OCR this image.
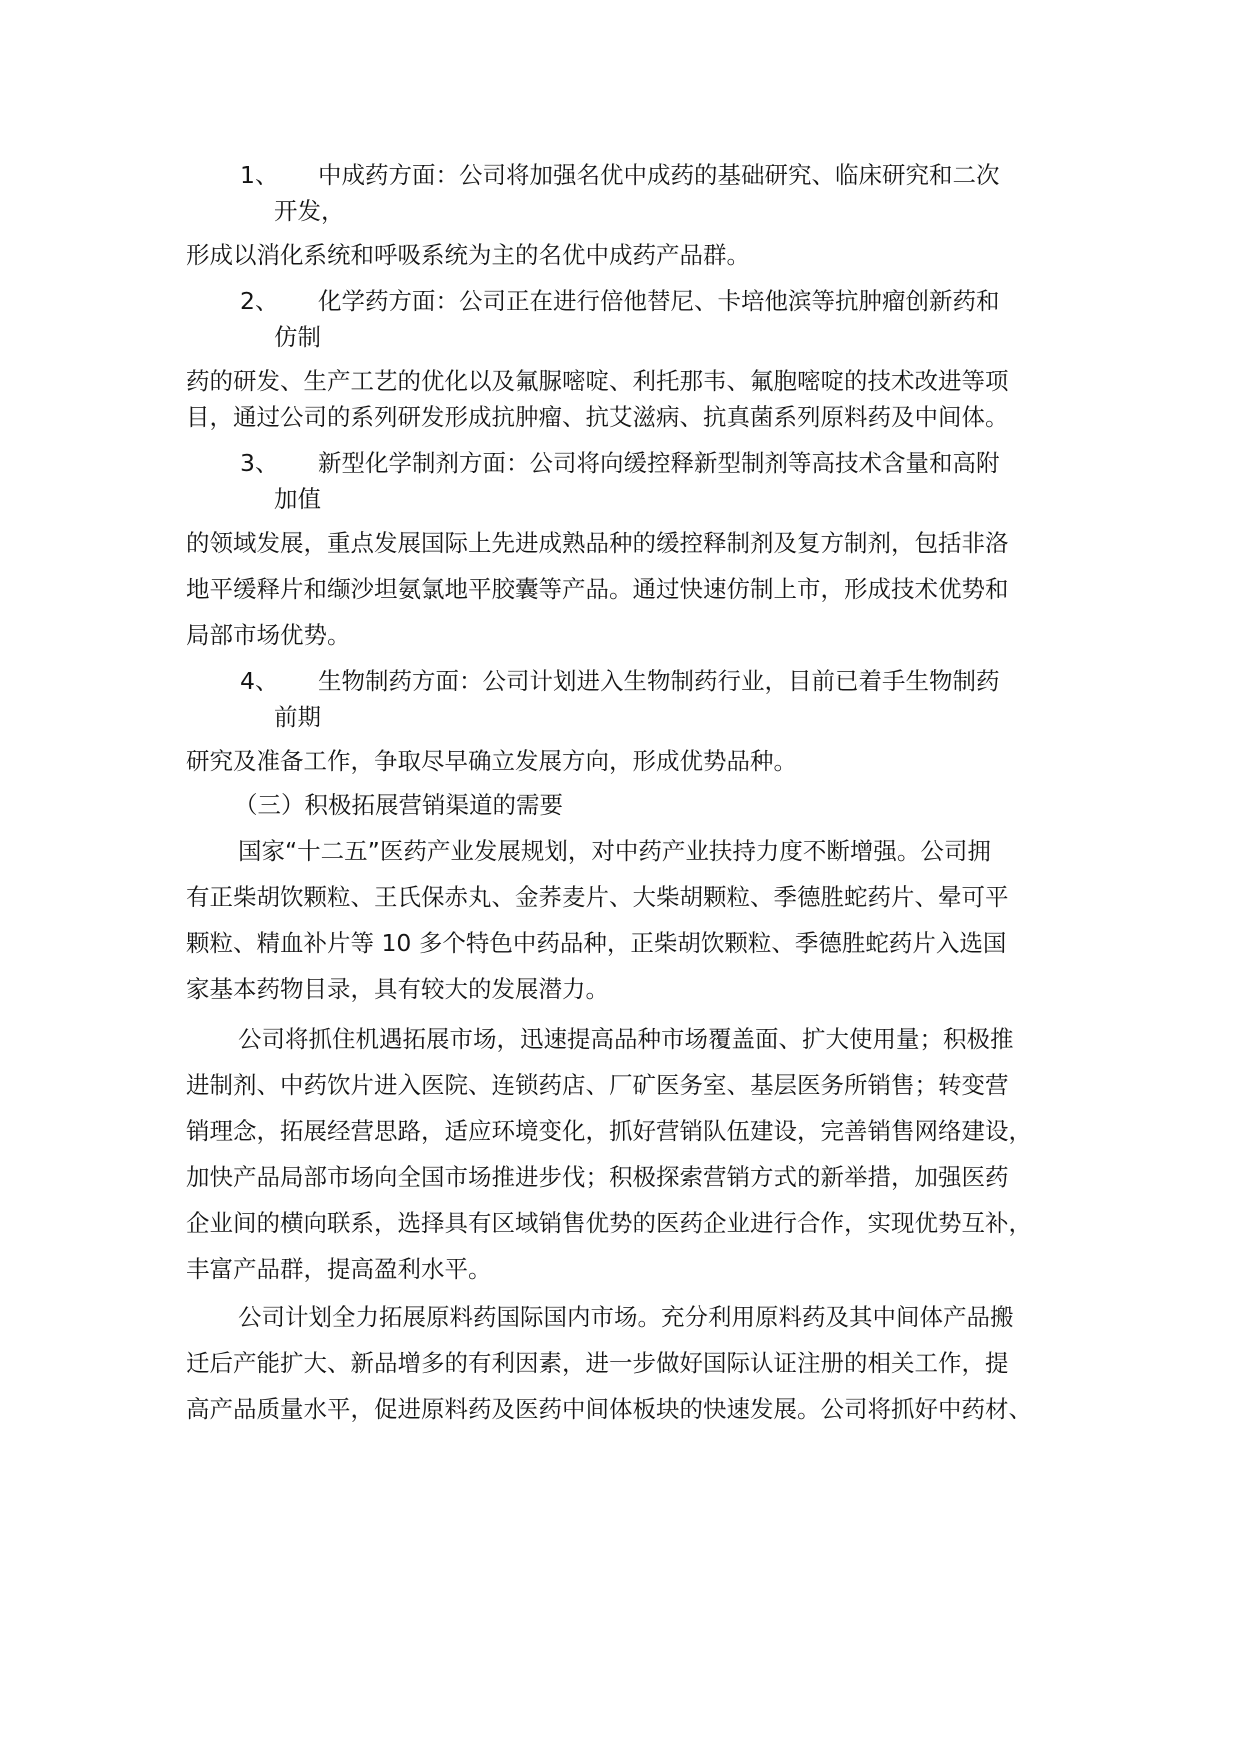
1、 中成药方面：公司将加强名优中成药的基础研究、临床研究和二次
开发，
形成以消化系统和呼吸系统为主的名优中成药产品群。
2、 化学药方面：公司正在进行倍他替尼、卡培他滨等抗肿瘤创新药和
仿制
药的研发、生产工艺的优化以及氟脲嘧啶、利托那韦、氟胞嘧啶的技术改进等项
目，通过公司的系列研发形成抗肿瘤、抗艾滋病、抗真菌系列原料药及中间体。
3、 新型化学制剂方面：公司将向缓控释新型制剂等高技术含量和高附
加值
的领域发展，重点发展国际上先进成熟品种的缓控释制剂及复方制剂，包括非洛
地平缓释片和缬沙坦氨氯地平胶囊等产品。通过快速仿制上市，形成技术优势和
局部市场优势。
4、 生物制药方面：公司计划进入生物制药行业，目前已着手生物制药
前期
研究及准备工作，争取尽早确立发展方向，形成优势品种。
（三）积极拓展营销渠道的需要
国家“十二五”医药产业发展规划，对中药产业扶持力度不断增强。公司拥
有正柴胡饮颗粒、王氏保赤丸、金荞麦片、大柴胡颗粒、季德胜蛇药片、晕可平
颗粒、精血补片等 10 多个特色中药品种，正柴胡饮颗粒、季德胜蛇药片入选国
家基本药物目录，具有较大的发展潜力。
公司将抓住机遇拓展市场，迅速提高品种市场覆盖面、扩大使用量；积极推
进制剂、中药饮片进入医院、连锁药店、厂矿医务室、基层医务所销售；转变营
销理念，拓展经营思路，适应环境变化，抓好营销队伍建设，完善销售网络建设，
加快产品局部市场向全国市场推进步伐；积极探索营销方式的新举措，加强医药
企业间的横向联系，选择具有区域销售优势的医药企业进行合作，实现优势互补，
丰富产品群，提高盈利水平。
公司计划全力拓展原料药国际国内市场。充分利用原料药及其中间体产品搬
迁后产能扩大、新品增多的有利因素，进一步做好国际认证注册的相关工作，提
高产品质量水平，促进原料药及医药中间体板块的快速发展。公司将抓好中药材、
